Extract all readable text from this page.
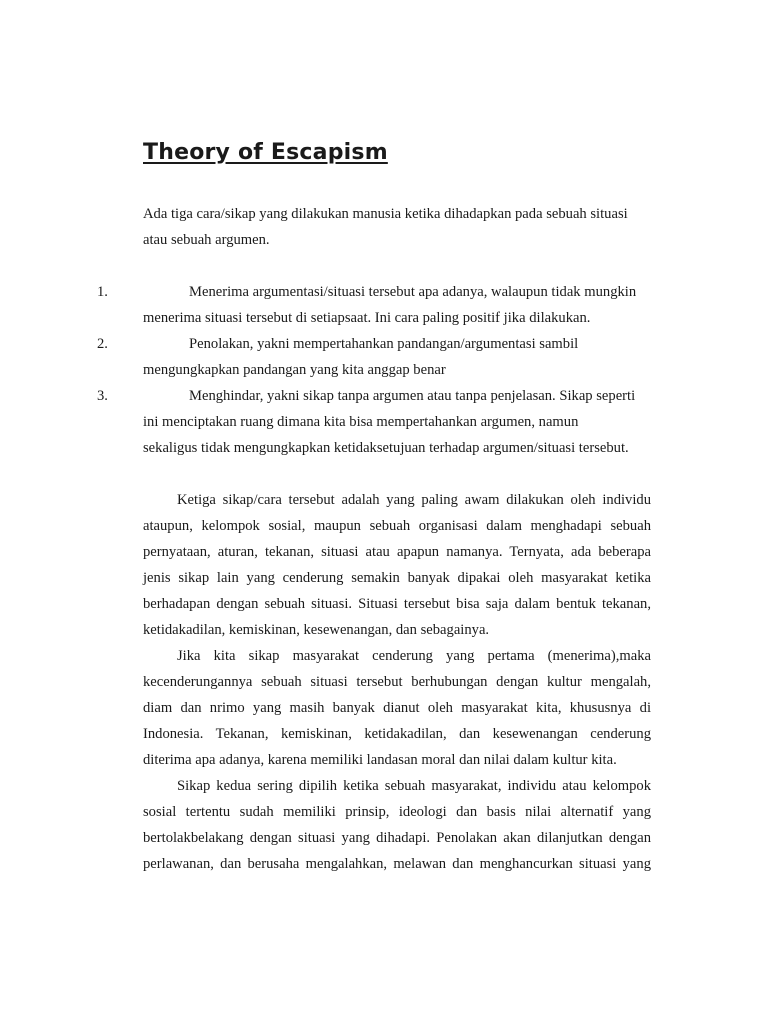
Theory of Escapism

Ada tiga cara/sikap yang dilakukan manusia ketika dihadapkan pada sebuah situasi

atau sebuah argumen.

1.	Menerima argumentasi/situasi tersebut apa adanya, walaupun tidak mungkin

menerima situasi tersebut di setiapsaat. Ini cara paling positif jika dilakukan.

2.	Penolakan, yakni mempertahankan pandangan/argumentasi sambil

mengungkapkan pandangan yang kita anggap benar

3.	Menghindar, yakni sikap tanpa argumen atau tanpa penjelasan. Sikap seperti

ini menciptakan ruang dimana kita bisa mempertahankan argumen, namun

sekaligus tidak mengungkapkan ketidaksetujuan terhadap argumen/situasi tersebut.

Ketiga sikap/cara tersebut adalah yang paling awam dilakukan oleh individu

ataupun, kelompok sosial, maupun sebuah organisasi dalam menghadapi sebuah

pernyataan, aturan, tekanan, situasi atau apapun namanya. Ternyata, ada beberapa

jenis sikap lain yang cenderung semakin banyak dipakai oleh masyarakat ketika

berhadapan dengan sebuah situasi. Situasi tersebut bisa saja dalam bentuk tekanan,

ketidakadilan, kemiskinan, kesewenangan, dan sebagainya.

Jika kita sikap masyarakat cenderung yang pertama (menerima),maka

kecenderungannya sebuah situasi tersebut berhubungan dengan kultur mengalah,

diam dan nrimo yang masih banyak dianut oleh masyarakat kita, khususnya di

Indonesia. Tekanan, kemiskinan, ketidakadilan, dan kesewenangan cenderung

diterima apa adanya, karena memiliki landasan moral dan nilai dalam kultur kita.

Sikap kedua sering dipilih ketika sebuah masyarakat, individu atau kelompok

sosial tertentu sudah memiliki prinsip, ideologi dan basis nilai alternatif yang

bertolakbelakang dengan situasi yang dihadapi. Penolakan akan dilanjutkan dengan

perlawanan, dan berusaha mengalahkan, melawan dan menghancurkan situasi yang
